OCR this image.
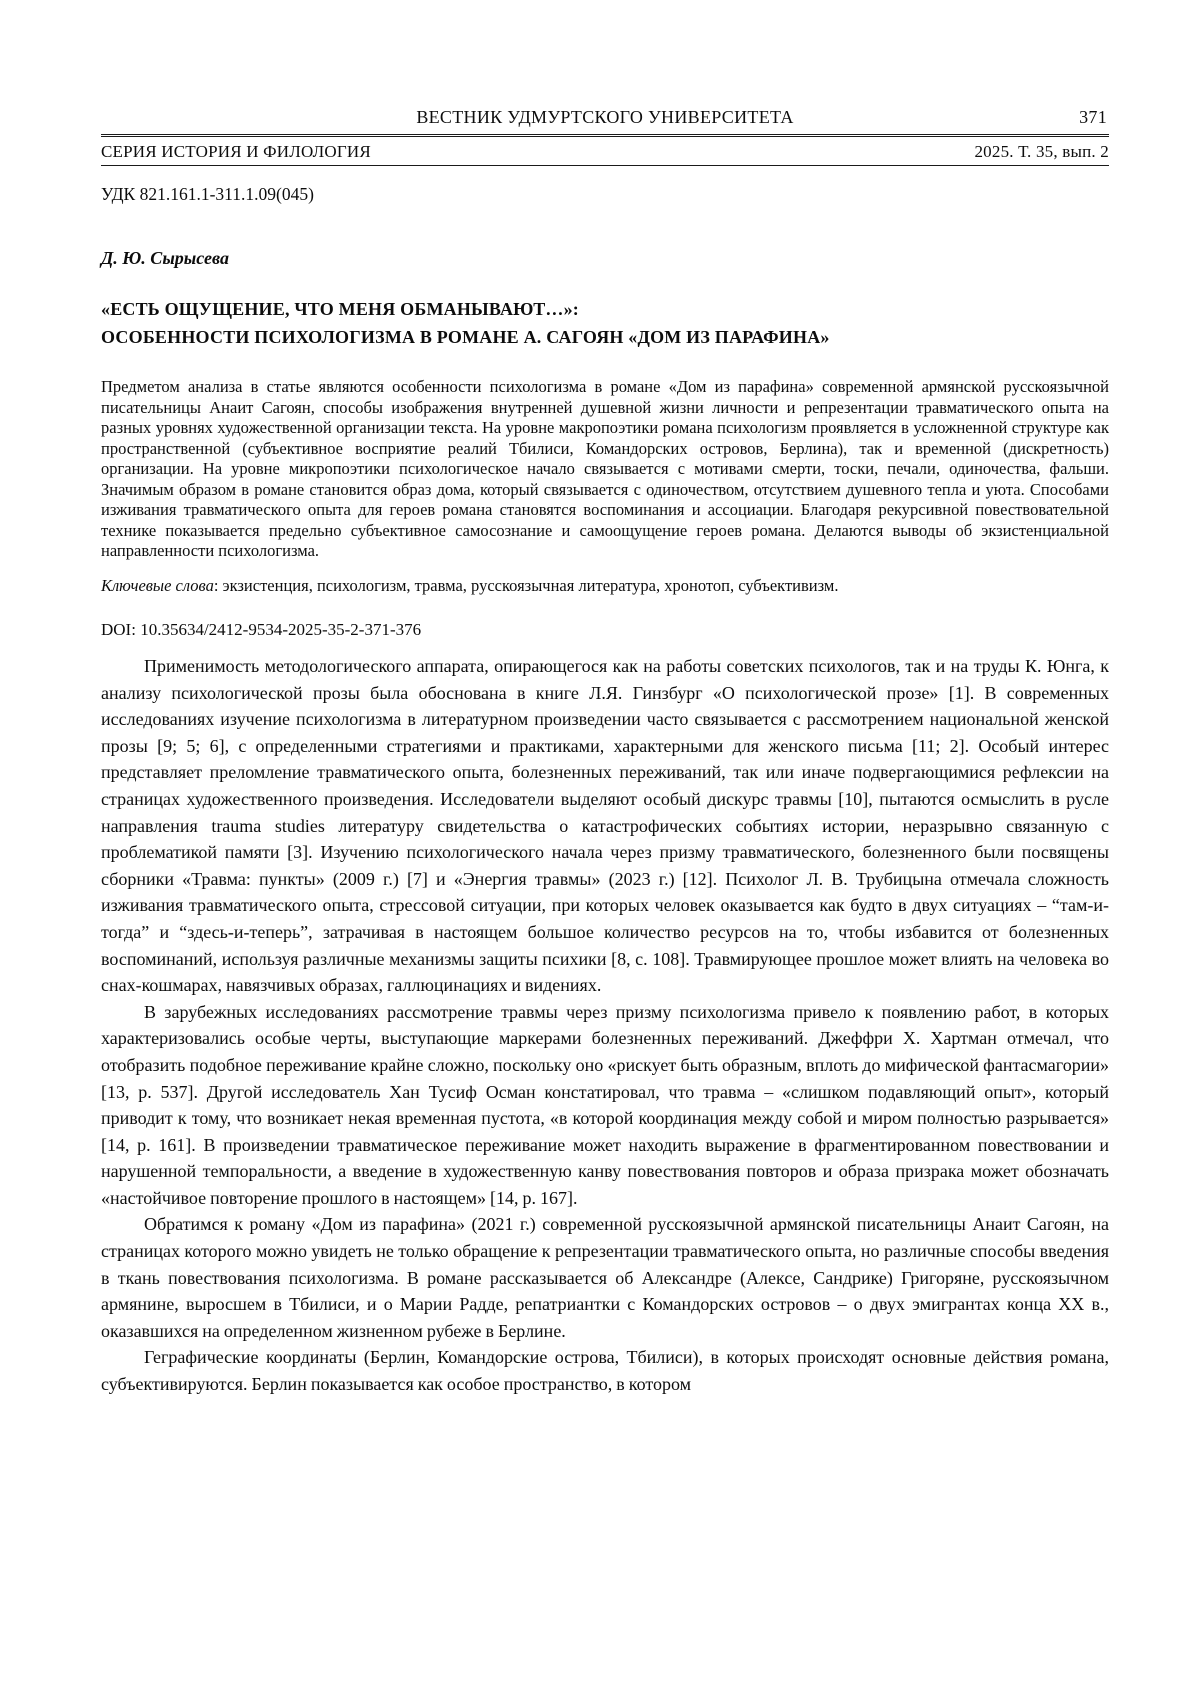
ВЕСТНИК УДМУРТСКОГО УНИВЕРСИТЕТА	371
СЕРИЯ ИСТОРИЯ И ФИЛОЛОГИЯ	2025. Т. 35, вып. 2
УДК 821.161.1-311.1.09(045)
Д. Ю. Сырысева
«ЕСТЬ ОЩУЩЕНИЕ, ЧТО МЕНЯ ОБМАНЫВАЮТ…»:
ОСОБЕННОСТИ ПСИХОЛОГИЗМА В РОМАНЕ А. САГОЯН «ДОМ ИЗ ПАРАФИНА»
Предметом анализа в статье являются особенности психологизма в романе «Дом из парафина» современной армянской русскоязычной писательницы Анаит Сагоян, способы изображения внутренней душевной жизни личности и репрезентации травматического опыта на разных уровнях художественной организации текста. На уровне макропоэтики романа психологизм проявляется в усложненной структуре как пространственной (субъективное восприятие реалий Тбилиси, Командорских островов, Берлина), так и временной (дискретность) организации. На уровне микропоэтики психологическое начало связывается с мотивами смерти, тоски, печали, одиночества, фальши. Значимым образом в романе становится образ дома, который связывается с одиночеством, отсутствием душевного тепла и уюта. Способами изживания травматического опыта для героев романа становятся воспоминания и ассоциации. Благодаря рекурсивной повествовательной технике показывается предельно субъективное самосознание и самоощущение героев романа. Делаются выводы об экзистенциальной направленности психологизма.
Ключевые слова: экзистенция, психологизм, травма, русскоязычная литература, хронотоп, субъективизм.
DOI: 10.35634/2412-9534-2025-35-2-371-376

Применимость методологического аппарата, опирающегося как на работы советских психологов, так и на труды К. Юнга, к анализу психологической прозы была обоснована в книге Л.Я. Гинзбург «О психологической прозе» [1]. В современных исследованиях изучение психологизма в литературном произведении часто связывается с рассмотрением национальной женской прозы [9; 5; 6], с определенными стратегиями и практиками, характерными для женского письма [11; 2]. Особый интерес представляет преломление травматического опыта, болезненных переживаний, так или иначе подвергающимися рефлексии на страницах художественного произведения. Исследователи выделяют особый дискурс травмы [10], пытаются осмыслить в русле направления trauma studies литературу свидетельства о катастрофических событиях истории, неразрывно связанную с проблематикой памяти [3]. Изучению психологического начала через призму травматического, болезненного были посвящены сборники «Травма: пункты» (2009 г.) [7] и «Энергия травмы» (2023 г.) [12]. Психолог Л. В. Трубицына отмечала сложность изживания травматического опыта, стрессовой ситуации, при которых человек оказывается как будто в двух ситуациях – “там-и-тогда” и “здесь-и-теперь”, затрачивая в настоящем большое количество ресурсов на то, чтобы избавится от болезненных воспоминаний, используя различные механизмы защиты психики [8, с. 108]. Травмирующее прошлое может влиять на человека во снах-кошмарах, навязчивых образах, галлюцинациях и видениях.

В зарубежных исследованиях рассмотрение травмы через призму психологизма привело к появлению работ, в которых характеризовались особые черты, выступающие маркерами болезненных переживаний. Джеффри Х. Хартман отмечал, что отобразить подобное переживание крайне сложно, поскольку оно «рискует быть образным, вплоть до мифической фантасмагории» [13, p. 537]. Другой исследователь Хан Тусиф Осман констатировал, что травма – «слишком подавляющий опыт», который приводит к тому, что возникает некая временная пустота, «в которой координация между собой и миром полностью разрывается» [14, p. 161]. В произведении травматическое переживание может находить выражение в фрагментированном повествовании и нарушенной темпоральности, а введение в художественную канву повествования повторов и образа призрака может обозначать «настойчивое повторение прошлого в настоящем» [14, p. 167].

Обратимся к роману «Дом из парафина» (2021 г.) современной русскоязычной армянской писательницы Анаит Сагоян, на страницах которого можно увидеть не только обращение к репрезентации травматического опыта, но различные способы введения в ткань повествования психологизма. В романе рассказывается об Александре (Алексе, Сандрике) Григоряне, русскоязычном армянине, выросшем в Тбилиси, и о Марии Радде, репатриантки с Командорских островов – о двух эмигрантах конца ХХ в., оказавшихся на определенном жизненном рубеже в Берлине.

Геграфические координаты (Берлин, Командорские острова, Тбилиси), в которых происходят основные действия романа, субъективируются. Берлин показывается как особое пространство, в котором
